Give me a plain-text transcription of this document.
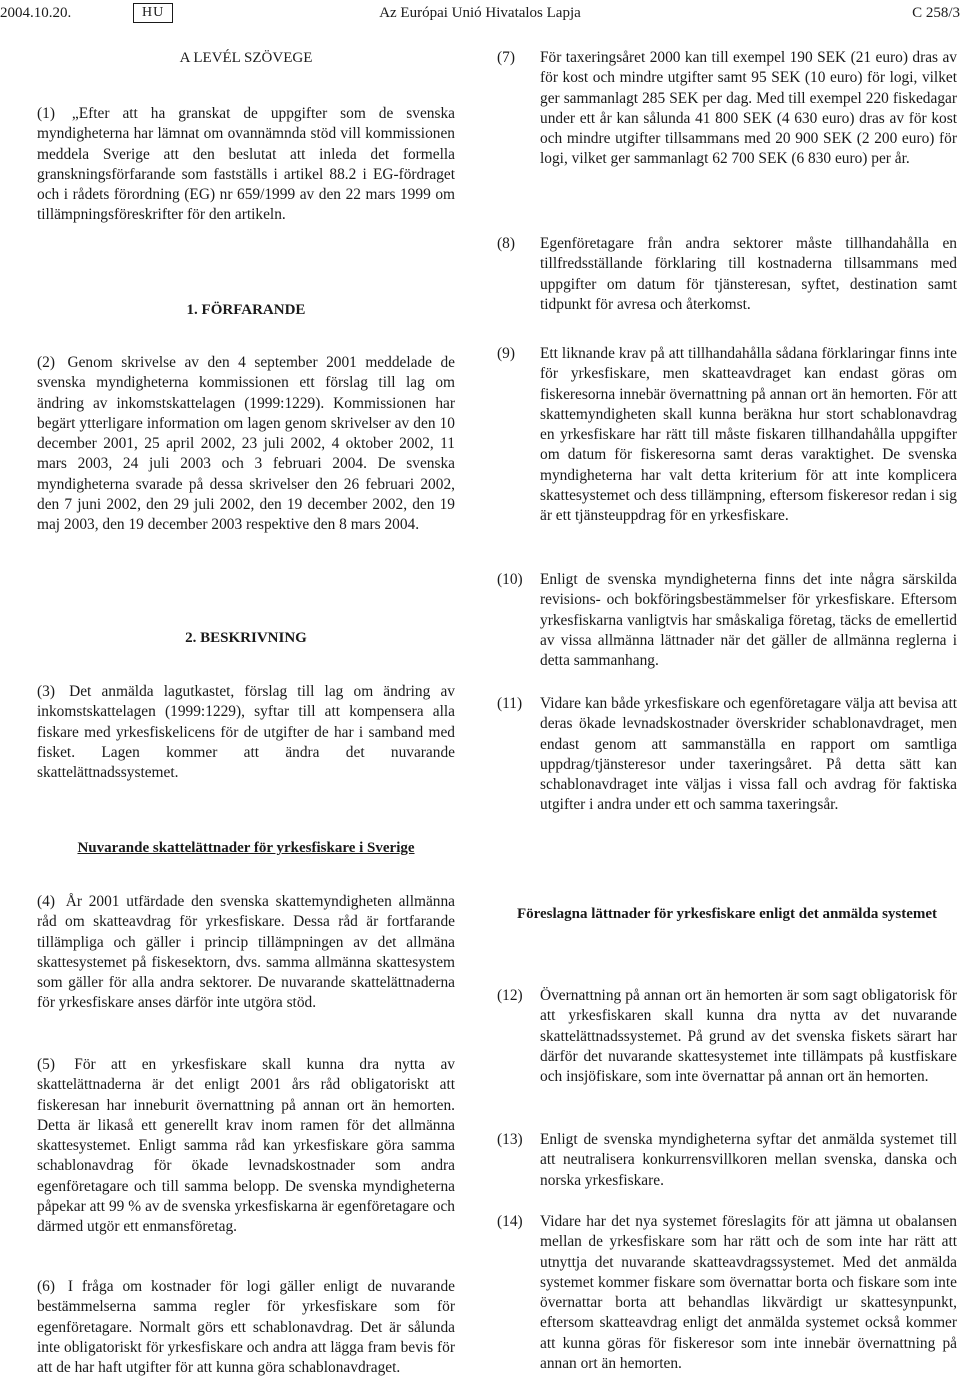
2004.10.20.	HU	Az Európai Unió Hivatalos Lapja	C 258/3

A LEVÉL SZÖVEGE

(1) „Efter att ha granskat de uppgifter som de svenska myndigheterna har lämnat om ovannämnda stöd vill kommissionen meddela Sverige att den beslutat att inleda det formella granskningsförfarande som fastställs i artikel 88.2 i EG-fördraget och i rådets förordning (EG) nr 659/1999 av den 22 mars 1999 om tillämpningsföreskrifter för den artikeln.

1. FÖRFARANDE

(2) Genom skrivelse av den 4 september 2001 meddelade de svenska myndigheterna kommissionen ett förslag till lag om ändring av inkomstskattelagen (1999:1229). Kommissionen har begärt ytterligare information om lagen genom skrivelser av den 10 december 2001, 25 april 2002, 23 juli 2002, 4 oktober 2002, 11 mars 2003, 24 juli 2003 och 3 februari 2004. De svenska myndigheterna svarade på dessa skrivelser den 26 februari 2002, den 7 juni 2002, den 29 juli 2002, den 19 december 2002, den 19 maj 2003, den 19 december 2003 respektive den 8 mars 2004.

2. BESKRIVNING

(3) Det anmälda lagutkastet, förslag till lag om ändring av inkomstskattelagen (1999:1229), syftar till att kompensera alla fiskare med yrkesfiskelicens för de utgifter de har i samband med fisket. Lagen kommer att ändra det nuvarande skattelättnadssystemet.

Nuvarande skattelättnader för yrkesfiskare i Sverige

(4) År 2001 utfärdade den svenska skattemyndigheten allmänna råd om skatteavdrag för yrkesfiskare. Dessa råd är fortfarande tillämpliga och gäller i princip tillämpningen av det allmäna skattesystemet på fiskesektorn, dvs. samma allmänna skattesystem som gäller för alla andra sektorer. De nuvarande skattelättnaderna för yrkesfiskare anses därför inte utgöra stöd.

(5) För att en yrkesfiskare skall kunna dra nytta av skattelättnaderna är det enligt 2001 års råd obligatoriskt att fiskeresan har inneburit övernattning på annan ort än hemorten. Detta är likaså ett generellt krav inom ramen för det allmänna skattesystemet. Enligt samma råd kan yrkesfiskare göra samma schablonavdrag för ökade levnadskostnader som andra egenföretagare och till samma belopp. De svenska myndigheterna påpekar att 99 % av de svenska yrkesfiskarna är egenföretagare och därmed utgör ett enmansföretag.

(6) I fråga om kostnader för logi gäller enligt de nuvarande bestämmelserna samma regler för yrkesfiskare som för egenföretagare. Normalt görs ett schablonavdrag. Det är sålunda inte obligatoriskt för yrkesfiskare och andra att lägga fram bevis för att de har haft utgifter för att kunna göra schablonavdraget.

(7)	För taxeringsåret 2000 kan till exempel 190 SEK (21 euro) dras av för kost och mindre utgifter samt 95 SEK (10 euro) för logi, vilket ger sammanlagt 285 SEK per dag. Med till exempel 220 fiskedagar under ett år kan sålunda 41 800 SEK (4 630 euro) dras av för kost och mindre utgifter tillsammans med 20 900 SEK (2 200 euro) för logi, vilket ger sammanlagt 62 700 SEK (6 830 euro) per år.

(8)	Egenföretagare från andra sektorer måste tillhandahålla en tillfredsställande förklaring till kostnaderna tillsammans med uppgifter om datum för tjänsteresan, syftet, destination samt tidpunkt för avresa och återkomst.

(9)	Ett liknande krav på att tillhandahålla sådana förklaringar finns inte för yrkesfiskare, men skatteavdraget kan endast göras om fiskeresorna innebär övernattning på annan ort än hemorten. För att skattemyndigheten skall kunna beräkna hur stort schablonavdrag en yrkesfiskare har rätt till måste fiskaren tillhandahålla uppgifter om datum för fiskeresorna samt deras varaktighet. De svenska myndigheterna har valt detta kriterium för att inte komplicera skattesystemet och dess tillämpning, eftersom fiskeresor redan i sig är ett tjänsteuppdrag för en yrkesfiskare.

(10)	Enligt de svenska myndigheterna finns det inte några särskilda revisions- och bokföringsbestämmelser för yrkesfiskare. Eftersom yrkesfiskarna vanligtvis har småskaliga företag, täcks de emellertid av vissa allmänna lättnader när det gäller de allmänna reglerna i detta sammanhang.

(11)	Vidare kan både yrkesfiskare och egenföretagare välja att bevisa att deras ökade levnadskostnader överskrider schablonavdraget, men endast genom att sammanställa en rapport om samtliga uppdrag/tjänsteresor under taxeringsåret. På detta sätt kan schablonavdraget inte väljas i vissa fall och avdrag för faktiska utgifter i andra under ett och samma taxeringsår.

Föreslagna lättnader för yrkesfiskare enligt det anmälda systemet

(12)	Övernattning på annan ort än hemorten är som sagt obligatorisk för att yrkesfiskaren skall kunna dra nytta av det nuvarande skattelättnadssystemet. På grund av det svenska fiskets särart har därför det nuvarande skattesystemet inte tillämpats på kustfiskare och insjöfiskare, som inte övernattar på annan ort än hemorten.

(13)	Enligt de svenska myndigheterna syftar det anmälda systemet till att neutralisera konkurrensvillkoren mellan svenska, danska och norska yrkesfiskare.

(14)	Vidare har det nya systemet föreslagits för att jämna ut obalansen mellan de yrkesfiskare som har rätt och de som inte har rätt att utnyttja det nuvarande skatteavdragssystemet. Med det anmälda systemet kommer fiskare som övernattar borta och fiskare som inte övernattar borta att behandlas likvärdigt ur skattesynpunkt, eftersom skatteavdrag enligt det anmälda systemet också kommer att kunna göras för fiskeresor som inte innebär övernattning på annan ort än hemorten.
